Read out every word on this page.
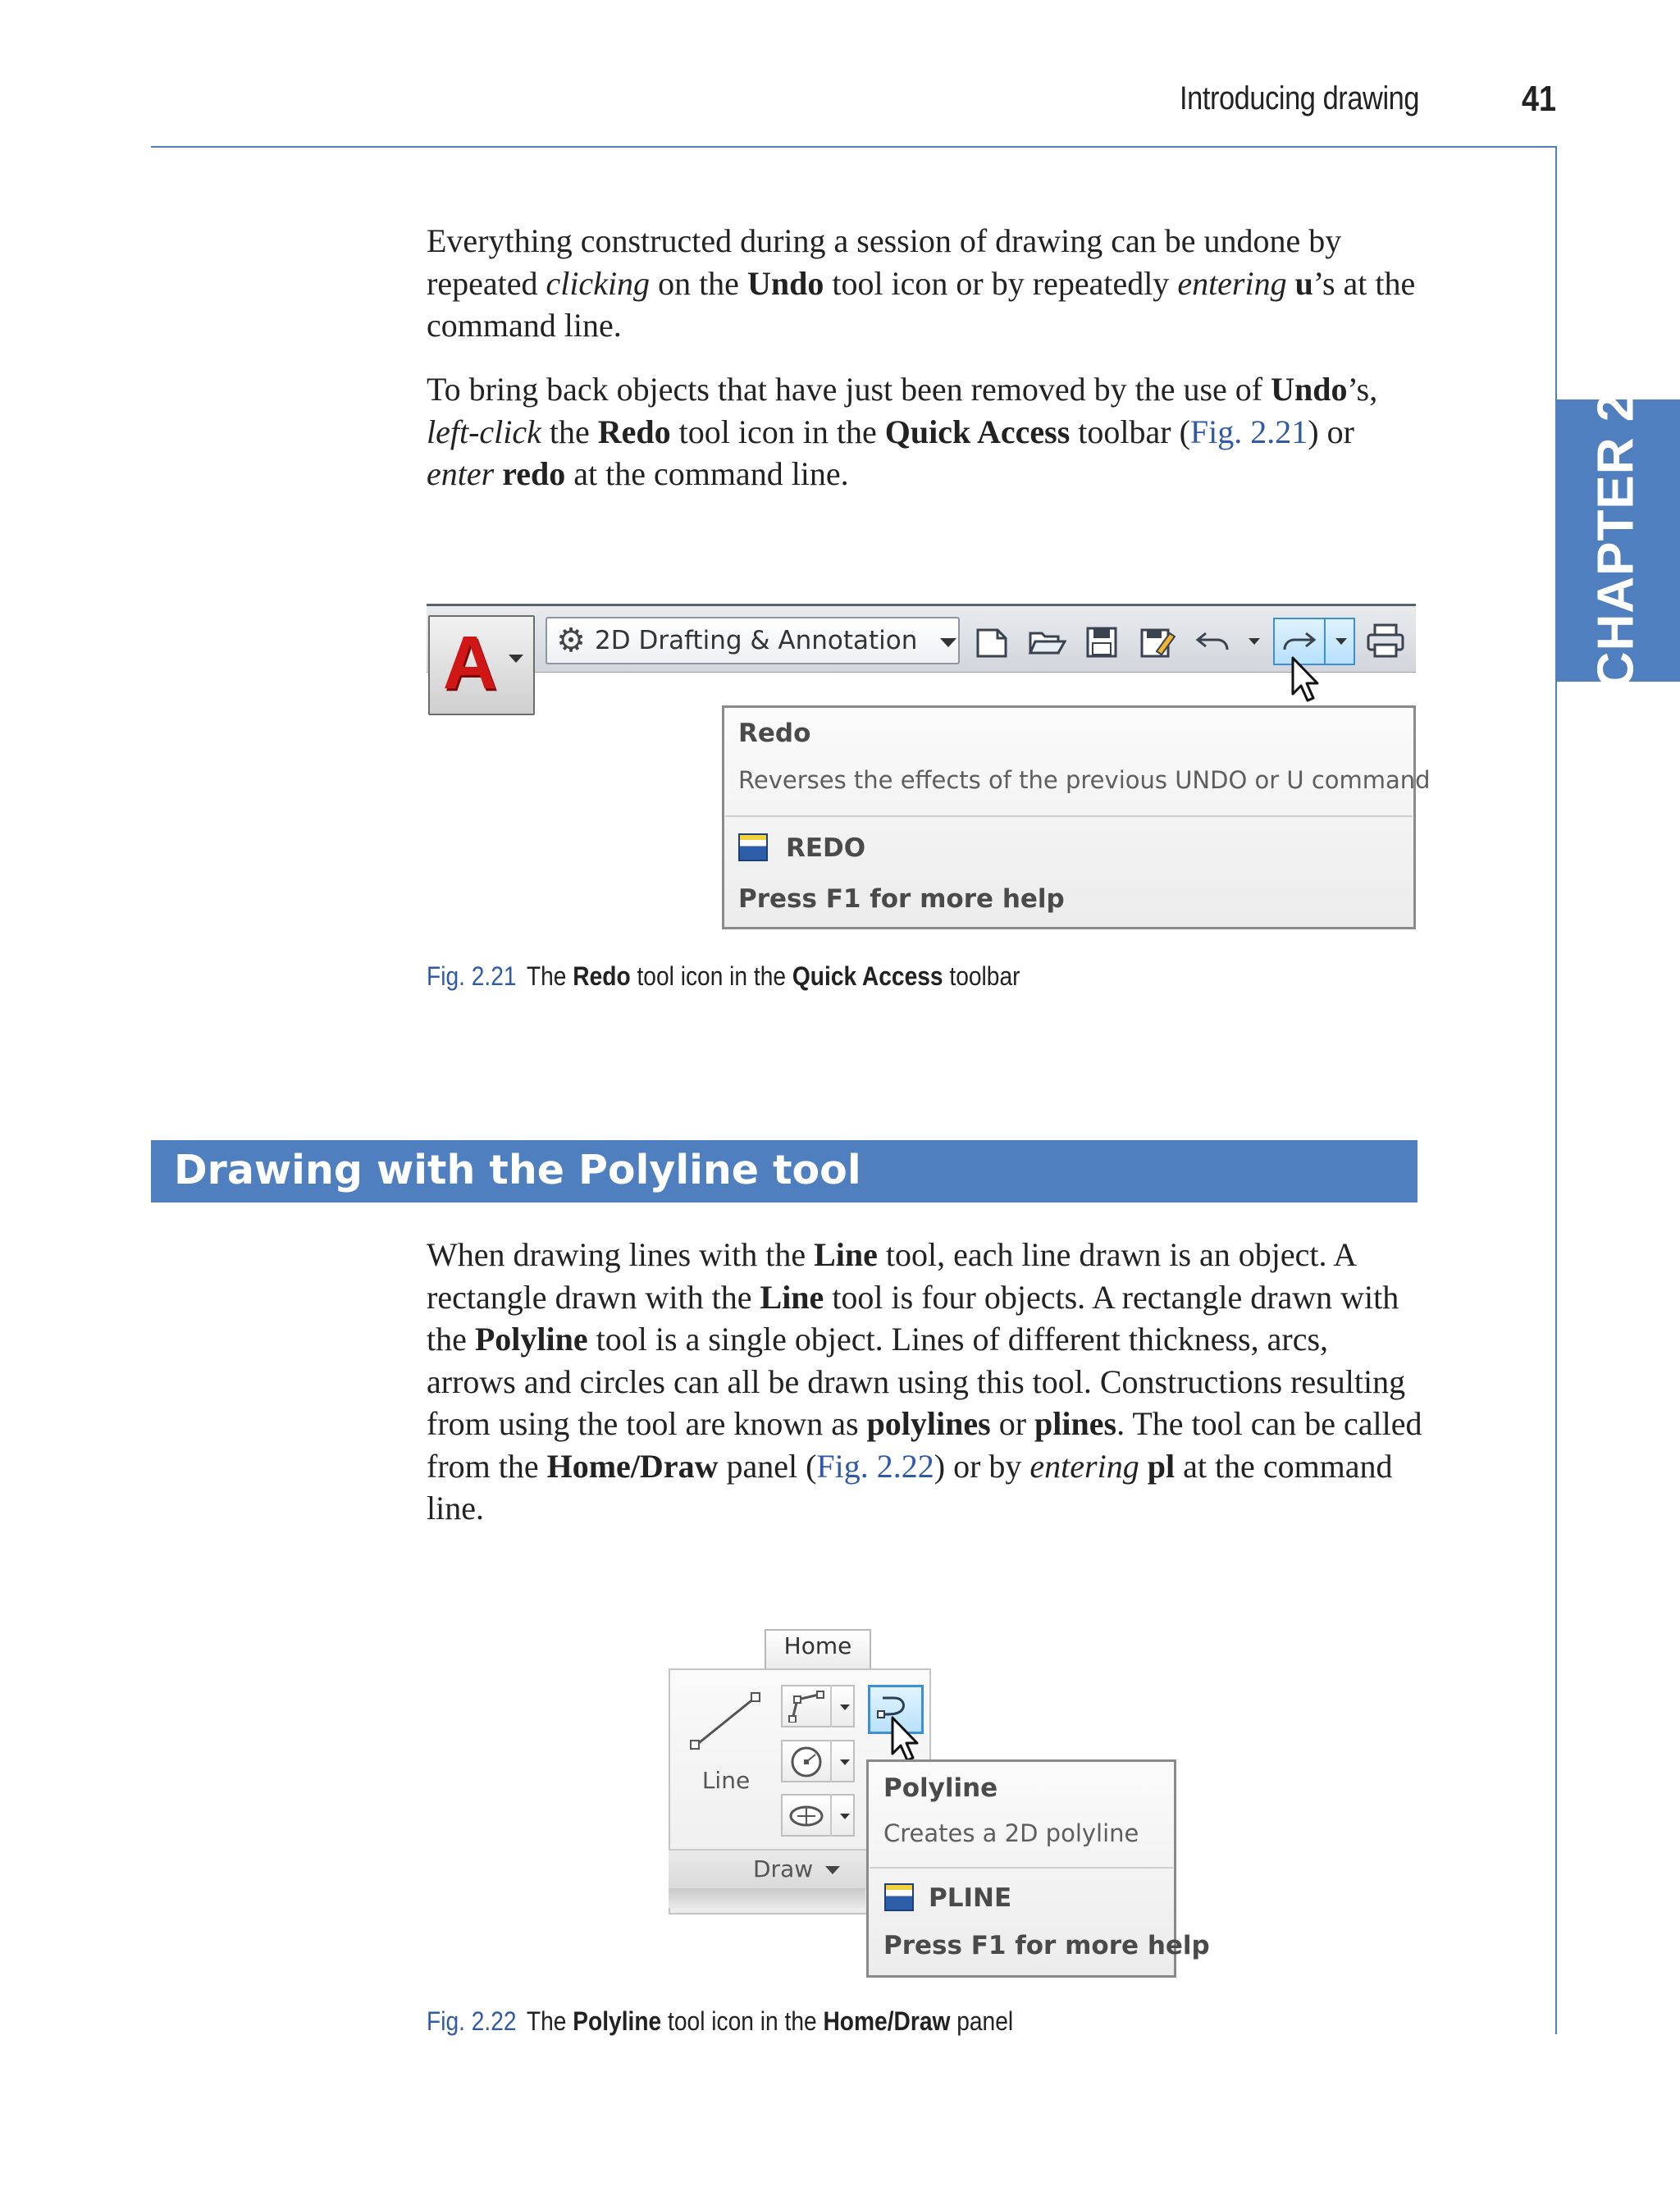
Introducing drawing	41
CHAPTER 2

Everything constructed during a session of drawing can be undone by repeated clicking on the Undo tool icon or by repeatedly entering u’s at the command line.

To bring back objects that have just been removed by the use of Undo’s, left-click the Redo tool icon in the Quick Access toolbar (Fig. 2.21) or enter redo at the command line.

A ⚙ 2D Drafting & Annotation
Redo
Reverses the effects of the previous UNDO or U command
REDO
Press F1 for more help
Fig. 2.21 The Redo tool icon in the Quick Access toolbar
Drawing with the Polyline tool

When drawing lines with the Line tool, each line drawn is an object. A rectangle drawn with the Line tool is four objects. A rectangle drawn with the Polyline tool is a single object. Lines of different thickness, arcs, arrows and circles can all be drawn using this tool. Constructions resulting from using the tool are known as polylines or plines. The tool can be called from the Home/Draw panel (Fig. 2.22) or by entering pl at the command line.

Home
Line
Draw
Polyline
Creates a 2D polyline
PLINE
Press F1 for more help
Fig. 2.22 The Polyline tool icon in the Home/Draw panel
